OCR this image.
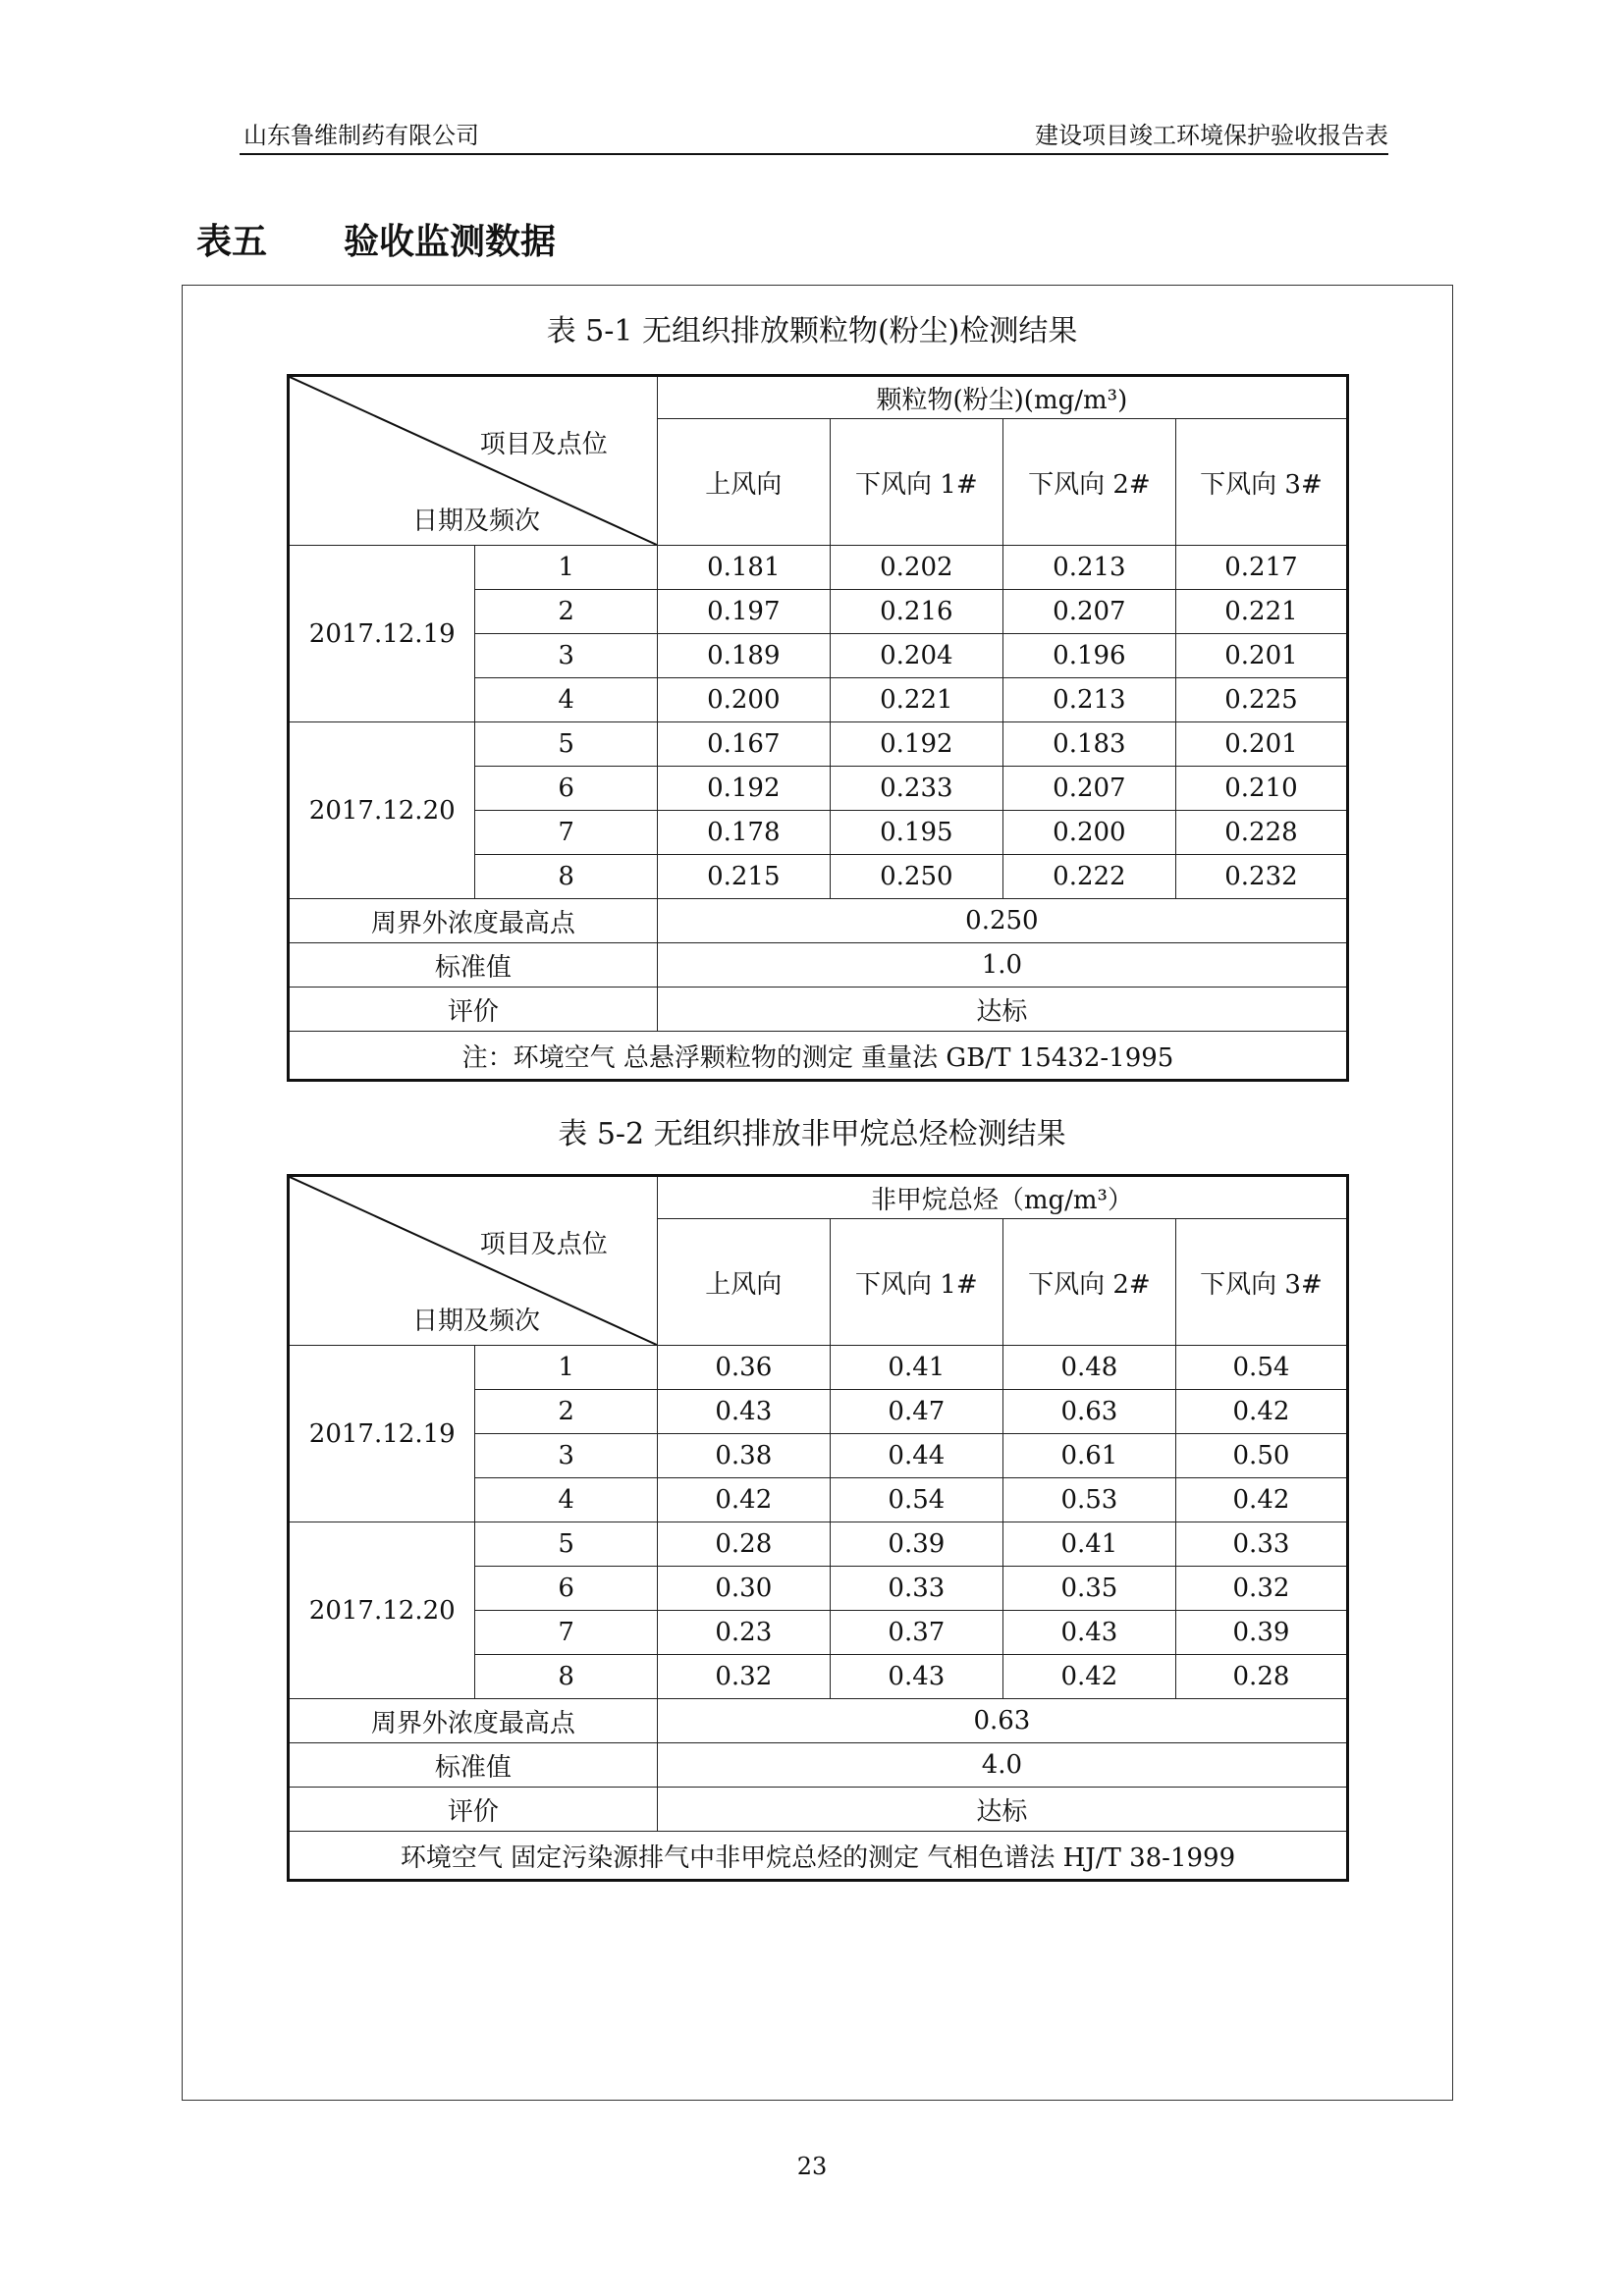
山东鲁维制药有限公司	建设项目竣工环境保护验收报告表
表五 验收监测数据
表 5-1 无组织排放颗粒物(粉尘)检测结果
项目及点位
日期及频次		颗粒物(粉尘)(mg/m³)			
		上风向	下风向 1#	下风向 2#	下风向 3#
2017.12.19	1	0.181	0.202	0.213	0.217
	2	0.197	0.216	0.207	0.221
	3	0.189	0.204	0.196	0.201
	4	0.200	0.221	0.213	0.225
2017.12.20	5	0.167	0.192	0.183	0.201
	6	0.192	0.233	0.207	0.210
	7	0.178	0.195	0.200	0.228
	8	0.215	0.250	0.222	0.232
周界外浓度最高点		0.250			
标准值		1.0			
评价		达标			
注：环境空气 总悬浮颗粒物的测定 重量法 GB/T 15432-1995					
表 5-2 无组织排放非甲烷总烃检测结果
项目及点位
日期及频次		非甲烷总烃（mg/m³）			
		上风向	下风向 1#	下风向 2#	下风向 3#
2017.12.19	1	0.36	0.41	0.48	0.54
	2	0.43	0.47	0.63	0.42
	3	0.38	0.44	0.61	0.50
	4	0.42	0.54	0.53	0.42
2017.12.20	5	0.28	0.39	0.41	0.33
	6	0.30	0.33	0.35	0.32
	7	0.23	0.37	0.43	0.39
	8	0.32	0.43	0.42	0.28
周界外浓度最高点		0.63			
标准值		4.0			
评价		达标			
环境空气 固定污染源排气中非甲烷总烃的测定 气相色谱法 HJ/T 38-1999					
23
